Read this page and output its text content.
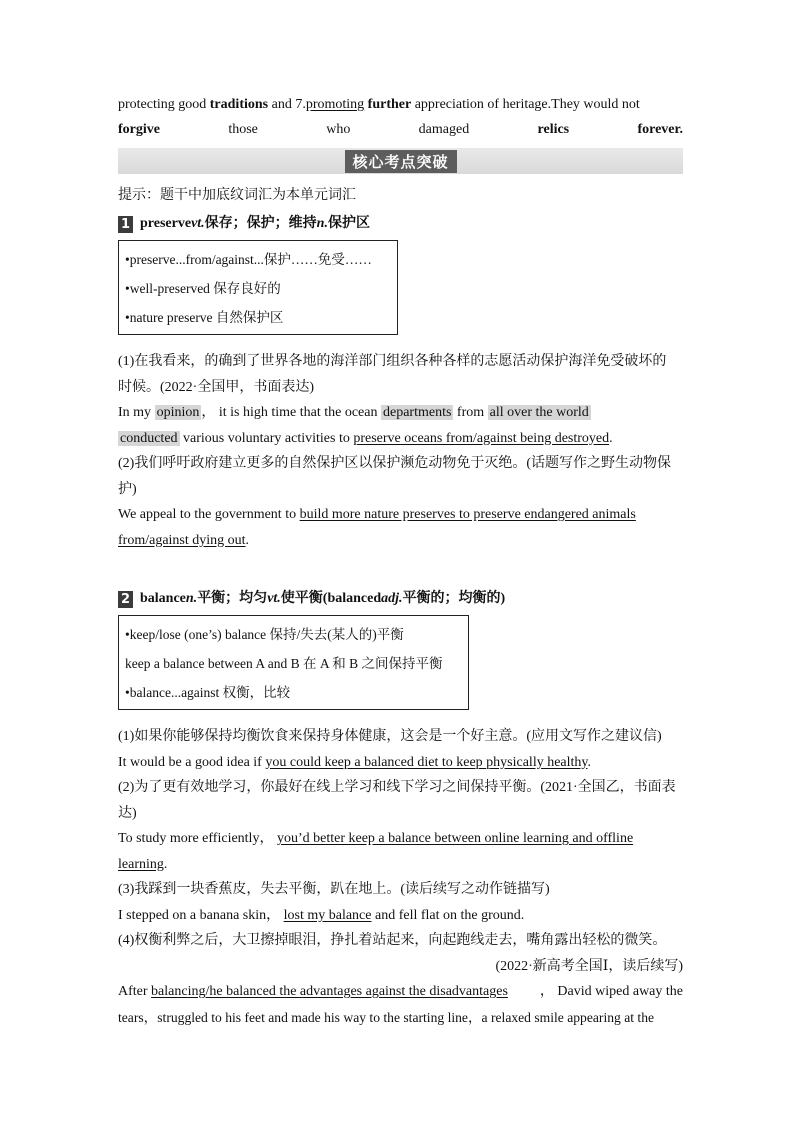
protecting good traditions and 7.promoting further appreciation of heritage.They would not
forgive	those	who	damaged	relics	forever.
核心考点突破
提示：题干中加底纹词汇为本单元词汇
1 preserve vt. 保存；保护；维持 n. 保护区
•preserve...from/against...保护……免受……
•well-preserved 保存良好的
•nature preserve 自然保护区
(1)在我看来，的确到了世界各地的海洋部门组织各种各样的志愿活动保护海洋免受破坏的
时候。(2022·全国甲，书面表达)
In my opinion ， it is high time that the ocean departments from all over the world
conducted various voluntary activities to preserve oceans from/against being destroyed.
(2)我们呼吁政府建立更多的自然保护区以保护濒危动物免于灭绝。(话题写作之野生动物保
护)
We appeal to the government to build more nature preserves to preserve endangered animals
from/against dying out.
2 balance n. 平衡；均匀 vt. 使平衡( balanced adj. 平衡的；均衡的)
•keep/lose (one’s) balance 保持/失去(某人的)平衡
keep a balance between A and B 在 A 和 B 之间保持平衡
•balance...against 权衡，比较
(1)如果你能够保持均衡饮食来保持身体健康，这会是一个好主意。(应用文写作之建议信)
It would be a good idea if you could keep a balanced diet to keep physically healthy.
(2)为了更有效地学习，你最好在线上学习和线下学习之间保持平衡。(2021·全国乙，书面表
达)
To study more efficiently， you’d better keep a balance between online learning and offline
learning.
(3)我踩到一块香蕉皮，失去平衡，趴在地上。(读后续写之动作链描写)
I stepped on a banana skin， lost my balance and fell flat on the ground.
(4)权衡利弊之后，大卫擦掉眼泪，挣扎着站起来，向起跑线走去，嘴角露出轻松的微笑。
(2022·新高考全国Ⅰ，读后续写)
After balancing/he balanced the advantages against the disadvantages ， David wiped away the
tears，struggled to his feet and made his way to the starting line，a relaxed smile appearing at the
